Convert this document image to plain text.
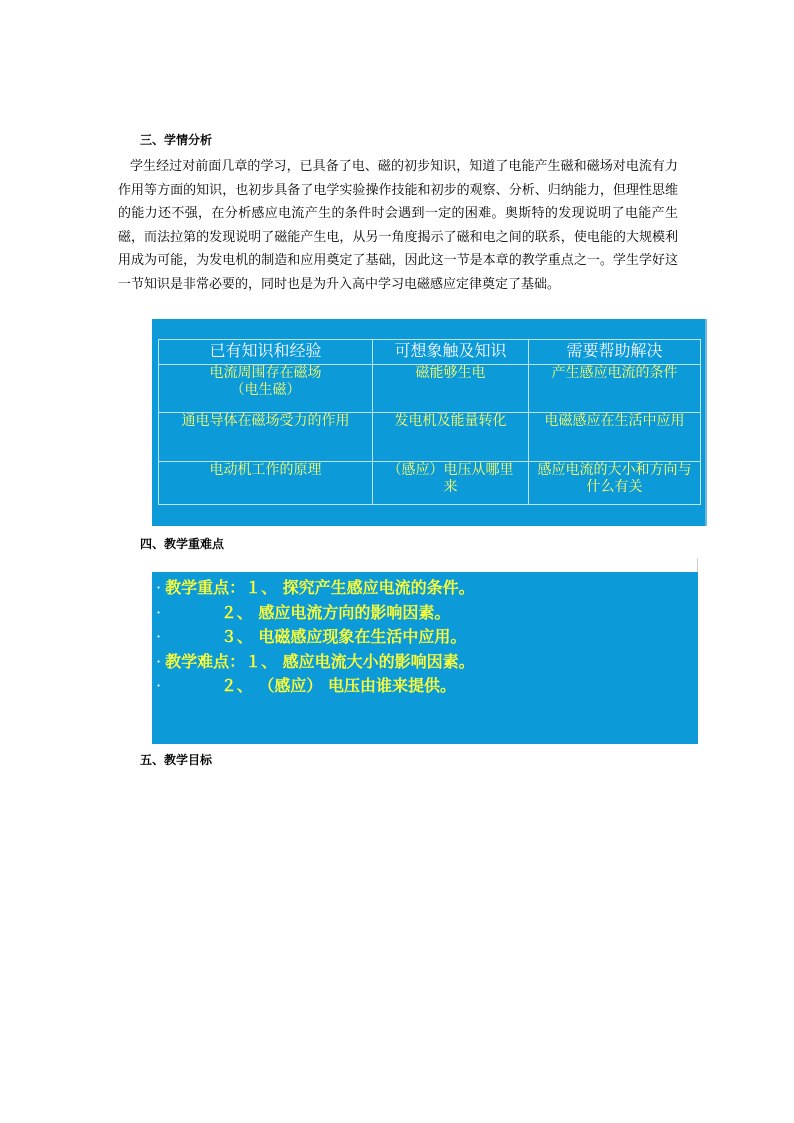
三、学情分析
学生经过对前面几章的学习，已具备了电、磁的初步知识，知道了电能产生磁和磁场对电流有力作用等方面的知识，也初步具备了电学实验操作技能和初步的观察、分析、归纳能力，但理性思维的能力还不强，在分析感应电流产生的条件时会遇到一定的困难。奥斯特的发现说明了电能产生磁，而法拉第的发现说明了磁能产生电，从另一角度揭示了磁和电之间的联系，使电能的大规模利用成为可能，为发电机的制造和应用奠定了基础，因此这一节是本章的教学重点之一。学生学好这一节知识是非常必要的，同时也是为升入高中学习电磁感应定律奠定了基础。
已有知识和经验	可想象触及知识	需要帮助解决
电流周围存在磁场（电生磁）	磁能够生电	产生感应电流的条件
通电导体在磁场受力的作用	发电机及能量转化	电磁感应在生活中应用
电动机工作的原理	（感应）电压从哪里来	感应电流的大小和方向与什么有关
四、教学重难点
· 教学重点：１、 探究产生感应电流的条件。
·          ２、 感应电流方向的影响因素。
·          ３、 电磁感应现象在生活中应用。
· 教学难点：１、 感应电流大小的影响因素。
·          ２、 （感应） 电压由谁来提供。
五、教学目标
